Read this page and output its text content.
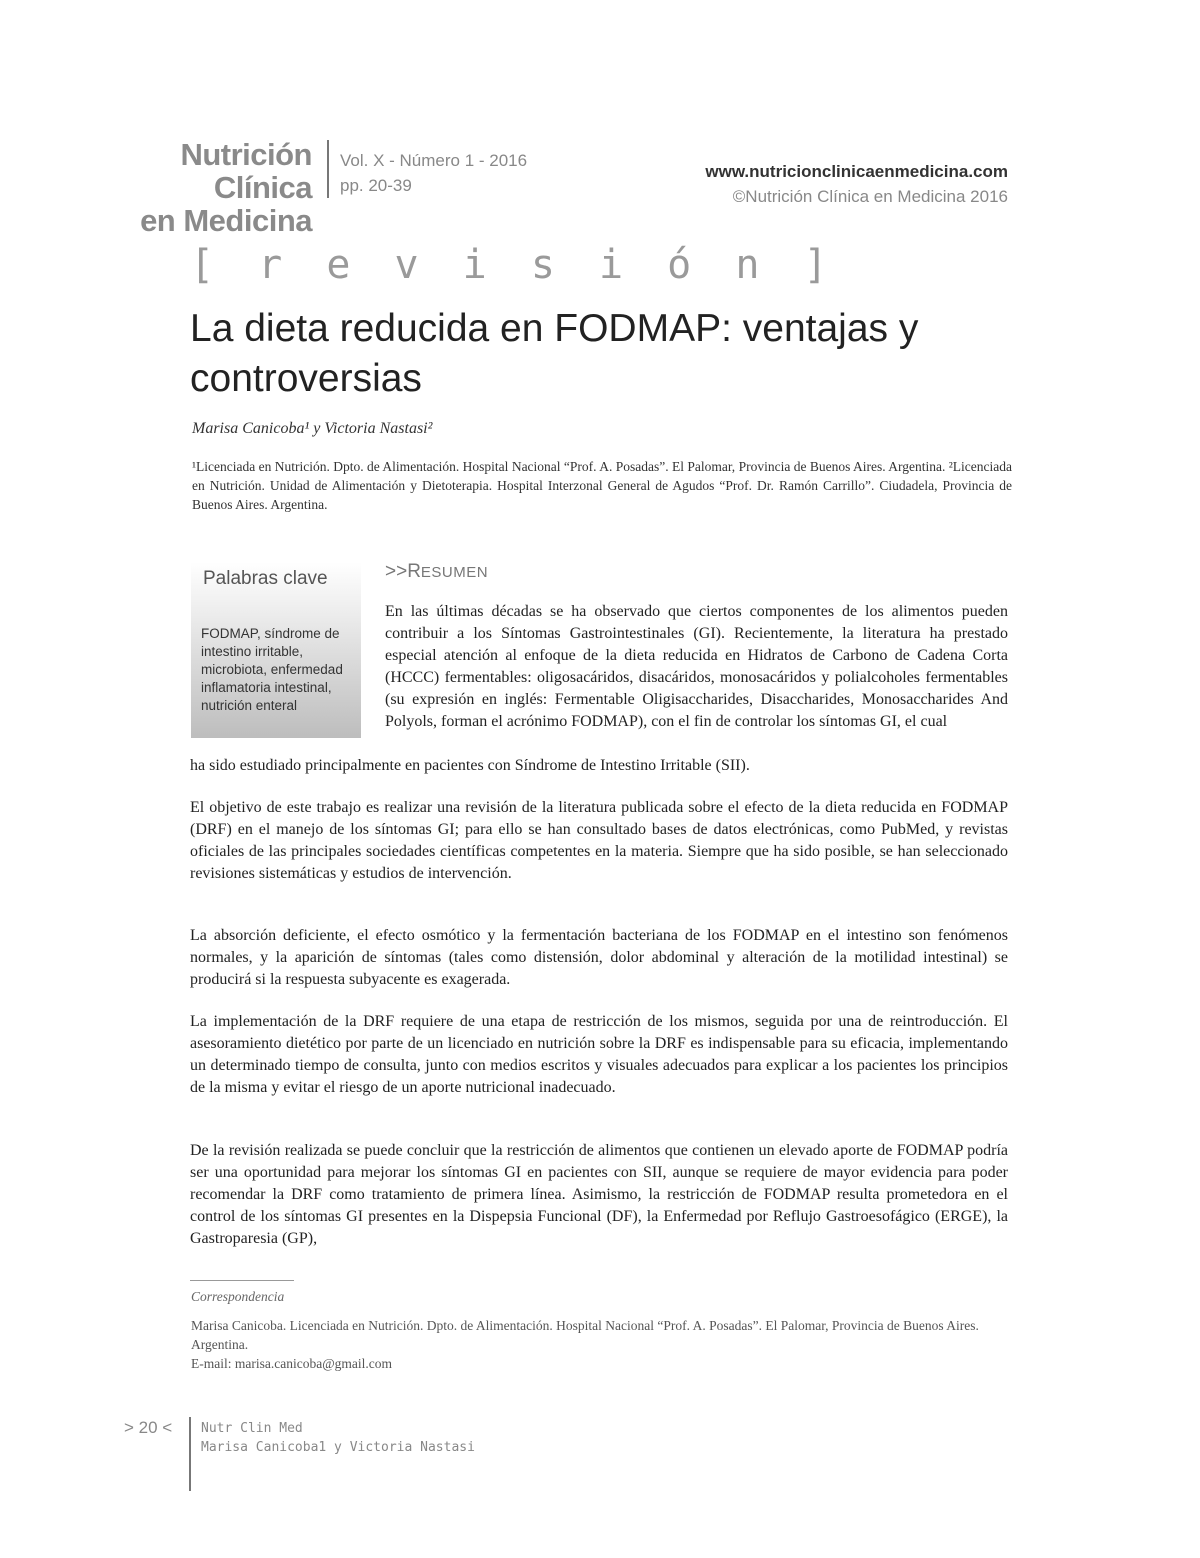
Nutrición Clínica
en Medicina
Vol. X - Número 1 - 2016
pp. 20-39
www.nutricionclinicaenmedicina.com
©Nutrición Clínica en Medicina 2016
[ r e v i s i ó n ]
La dieta reducida en FODMAP: ventajas y controversias
Marisa Canicoba¹ y Victoria Nastasi²
¹Licenciada en Nutrición. Dpto. de Alimentación. Hospital Nacional “Prof. A. Posadas”. El Palomar, Provincia de Buenos Aires. Argentina. ²Licenciada en Nutrición. Unidad de Alimentación y Dietoterapia. Hospital Interzonal General de Agudos “Prof. Dr. Ramón Carrillo”. Ciudadela, Provincia de Buenos Aires. Argentina.
Palabras clave
FODMAP, síndrome de intestino irritable, microbiota, enfermedad inflamatoria intestinal, nutrición enteral
>>RESUMEN

En las últimas décadas se ha observado que ciertos componentes de los alimentos pueden contribuir a los Síntomas Gastrointestinales (GI). Recientemente, la literatura ha prestado especial atención al enfoque de la dieta reducida en Hidratos de Carbono de Cadena Corta (HCCC) fermentables: oligosacáridos, disacáridos, monosacáridos y polialcoholes fermentables (su expresión en inglés: Fermentable Oligisaccharides, Disaccharides, Monosaccharides And Polyols, forman el acrónimo FODMAP), con el fin de controlar los síntomas GI, el cual

ha sido estudiado principalmente en pacientes con Síndrome de Intestino Irritable (SII).

El objetivo de este trabajo es realizar una revisión de la literatura publicada sobre el efecto de la dieta reducida en FODMAP (DRF) en el manejo de los síntomas GI; para ello se han consultado bases de datos electrónicas, como PubMed, y revistas oficiales de las principales sociedades científicas competentes en la materia. Siempre que ha sido posible, se han seleccionado revisiones sistemáticas y estudios de intervención.

La absorción deficiente, el efecto osmótico y la fermentación bacteriana de los FODMAP en el intestino son fenómenos normales, y la aparición de síntomas (tales como distensión, dolor abdominal y alteración de la motilidad intestinal) se producirá si la respuesta subyacente es exagerada.

La implementación de la DRF requiere de una etapa de restricción de los mismos, seguida por una de reintroducción. El asesoramiento dietético por parte de un licenciado en nutrición sobre la DRF es indispensable para su eficacia, implementando un determinado tiempo de consulta, junto con medios escritos y visuales adecuados para explicar a los pacientes los principios de la misma y evitar el riesgo de un aporte nutricional inadecuado.

De la revisión realizada se puede concluir que la restricción de alimentos que contienen un elevado aporte de FODMAP podría ser una oportunidad para mejorar los síntomas GI en pacientes con SII, aunque se requiere de mayor evidencia para poder recomendar la DRF como tratamiento de primera línea. Asimismo, la restricción de FODMAP resulta prometedora en el control de los síntomas GI presentes en la Dispepsia Funcional (DF), la Enfermedad por Reflujo Gastroesofágico (ERGE), la Gastroparesia (GP),

Correspondencia
Marisa Canicoba. Licenciada en Nutrición. Dpto. de Alimentación. Hospital Nacional “Prof. A. Posadas”. El Palomar, Provincia de Buenos Aires. Argentina.
E-mail: marisa.canicoba@gmail.com
> 20 <	Nutr Clin Med
Marisa Canicoba1 y Victoria Nastasi
